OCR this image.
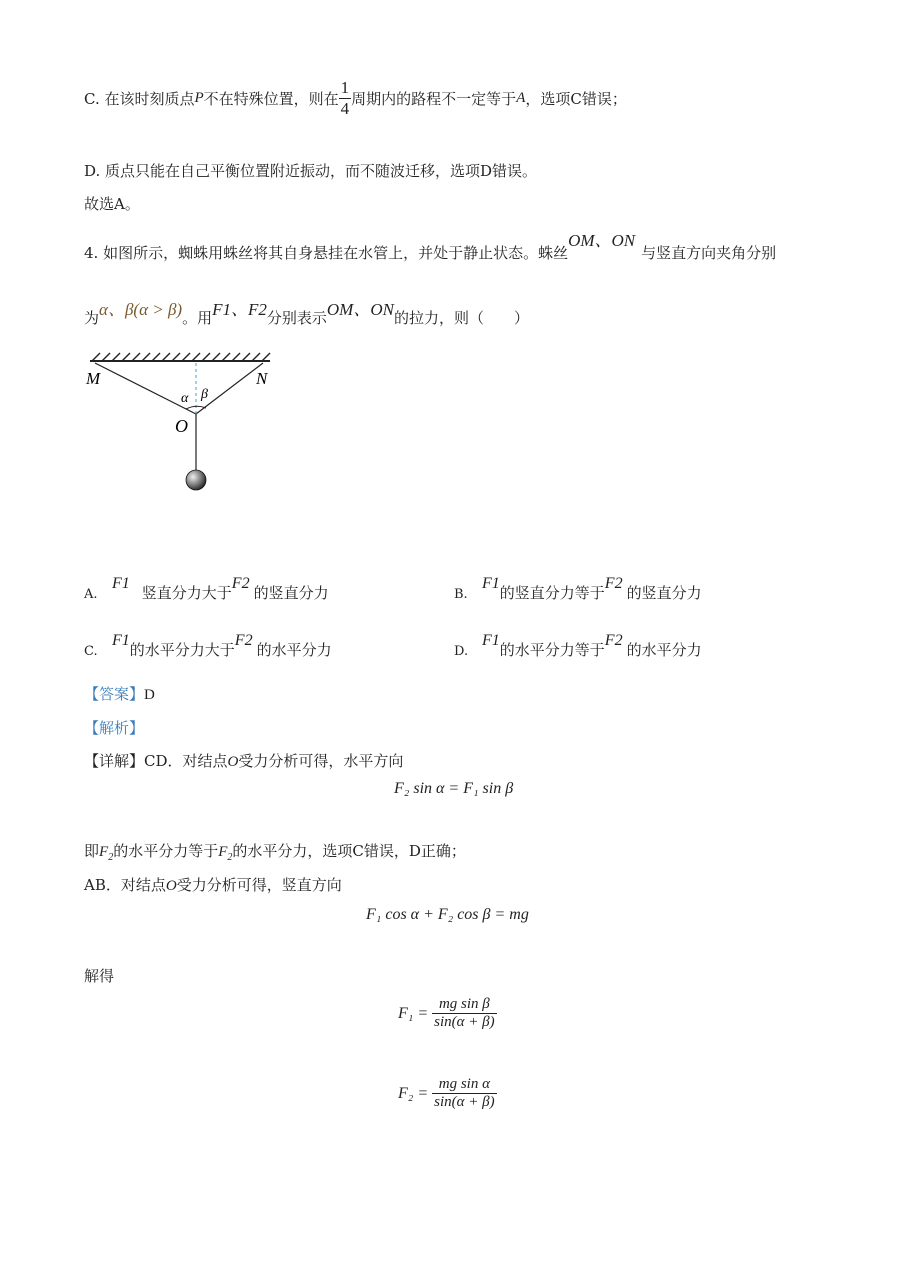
C. 在该时刻质点P不在特殊位置，则在 $\frac{1}{4}$ 周期内的路程不一定等于A，选项C错误；
D. 质点只能在自己平衡位置附近振动，而不随波迁移，选项D错误。
故选A。
4. 如图所示，蜘蛛用蛛丝将其自身悬挂在水管上，并处于静止状态。蛛丝OM、ON与竖直方向夹角分别
为α、β(α > β)。用F1、F2分别表示OM、ON的拉力，则（　　）
M	N
O
α β
A.F1竖直分力大于F2的竖直分力	B.F1的竖直分力等于F2的竖直分力
C.F1的水平分力大于F2的水平分力	D.F1的水平分力等于F2的水平分力
【答案】D
【解析】
【详解】CD．对结点O受力分析可得，水平方向
F₂ sin α = F₁ sin β
即$F_2$的水平分力等于$F_2$的水平分力，选项C错误，D正确；
AB．对结点O受力分析可得，竖直方向
F₁ cos α + F₂ cos β = mg
解得
$F_1 = \frac{\text{mg sin β}}{\sin(\alpha + \beta)}$
$F_2 = \frac{\text{mg sin α}}{\sin(\alpha + \beta)}$
